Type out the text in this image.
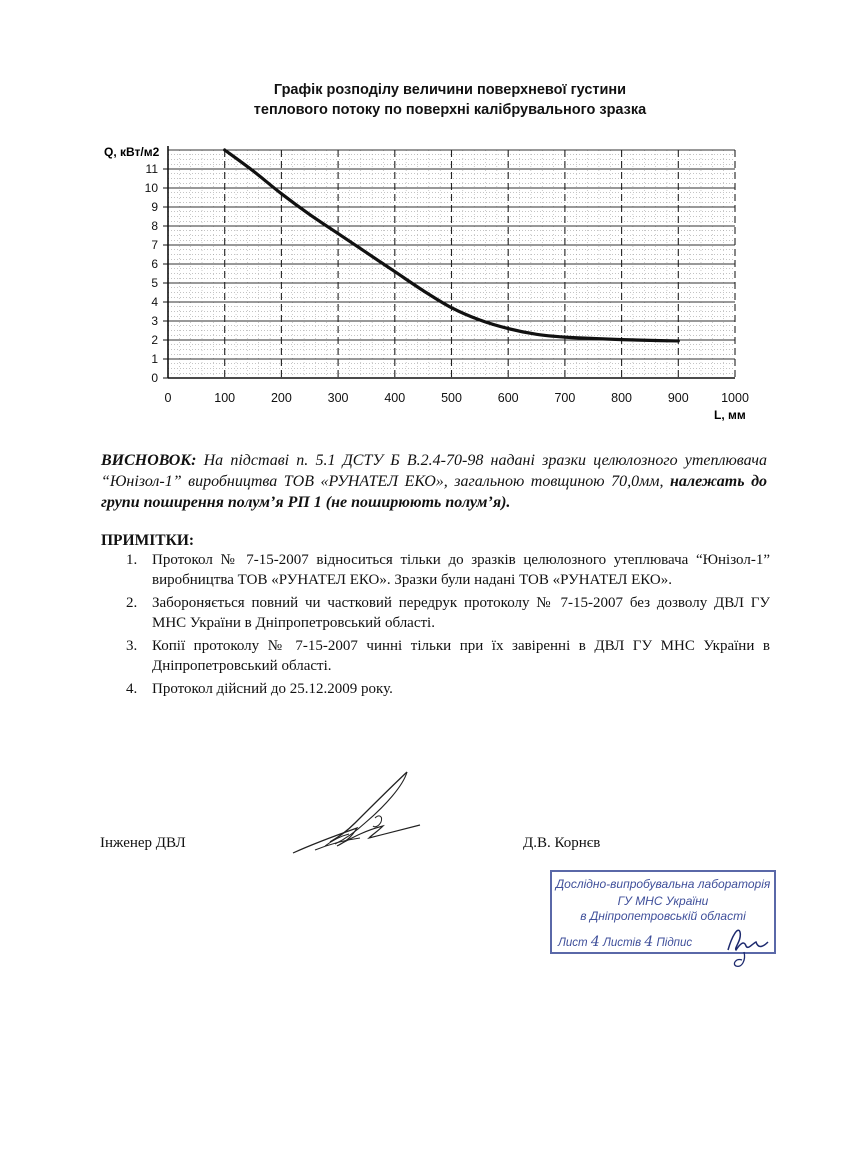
Графік розподілу величини поверхневої густини
теплового потоку по поверхні калібрувального зразка
0
1
2
3
4
5
6
7
8
9
10
11
0	100	200	300	400	500	600	700	800	900	1000
Q, кВт/м2
L, мм

ВИСНОВОК: На підставі п. 5.1 ДСТУ Б В.2.4-70-98 надані зразки целюлозного утеплювача “Юнізол-1” виробництва ТОВ «РУНАТЕЛ ЕКО», загальною товщиною 70,0мм, належать до групи поширення полум’я РП 1 (не поширюють полум’я).

ПРИМІТКИ:
1. Протокол № 7-15-2007 відноситься тільки до зразків целюлозного утеплювача “Юнізол-1” виробництва ТОВ «РУНАТЕЛ ЕКО». Зразки були надані ТОВ «РУНАТЕЛ ЕКО».
2. Забороняється повний чи частковий передрук протоколу № 7-15-2007 без дозволу ДВЛ ГУ МНС України в Дніпропетровський області.
3. Копії протоколу № 7-15-2007 чинні тільки при їх завіренні в ДВЛ ГУ МНС України в Дніпропетровський області.
4. Протокол дійсний до 25.12.2009 року.
Інженер ДВЛ	Д.В. Корнєв
Дослідно-випробувальна лабораторія
ГУ МНС України
в Дніпропетровській області
Лист 4 Листів 4 Підпис
